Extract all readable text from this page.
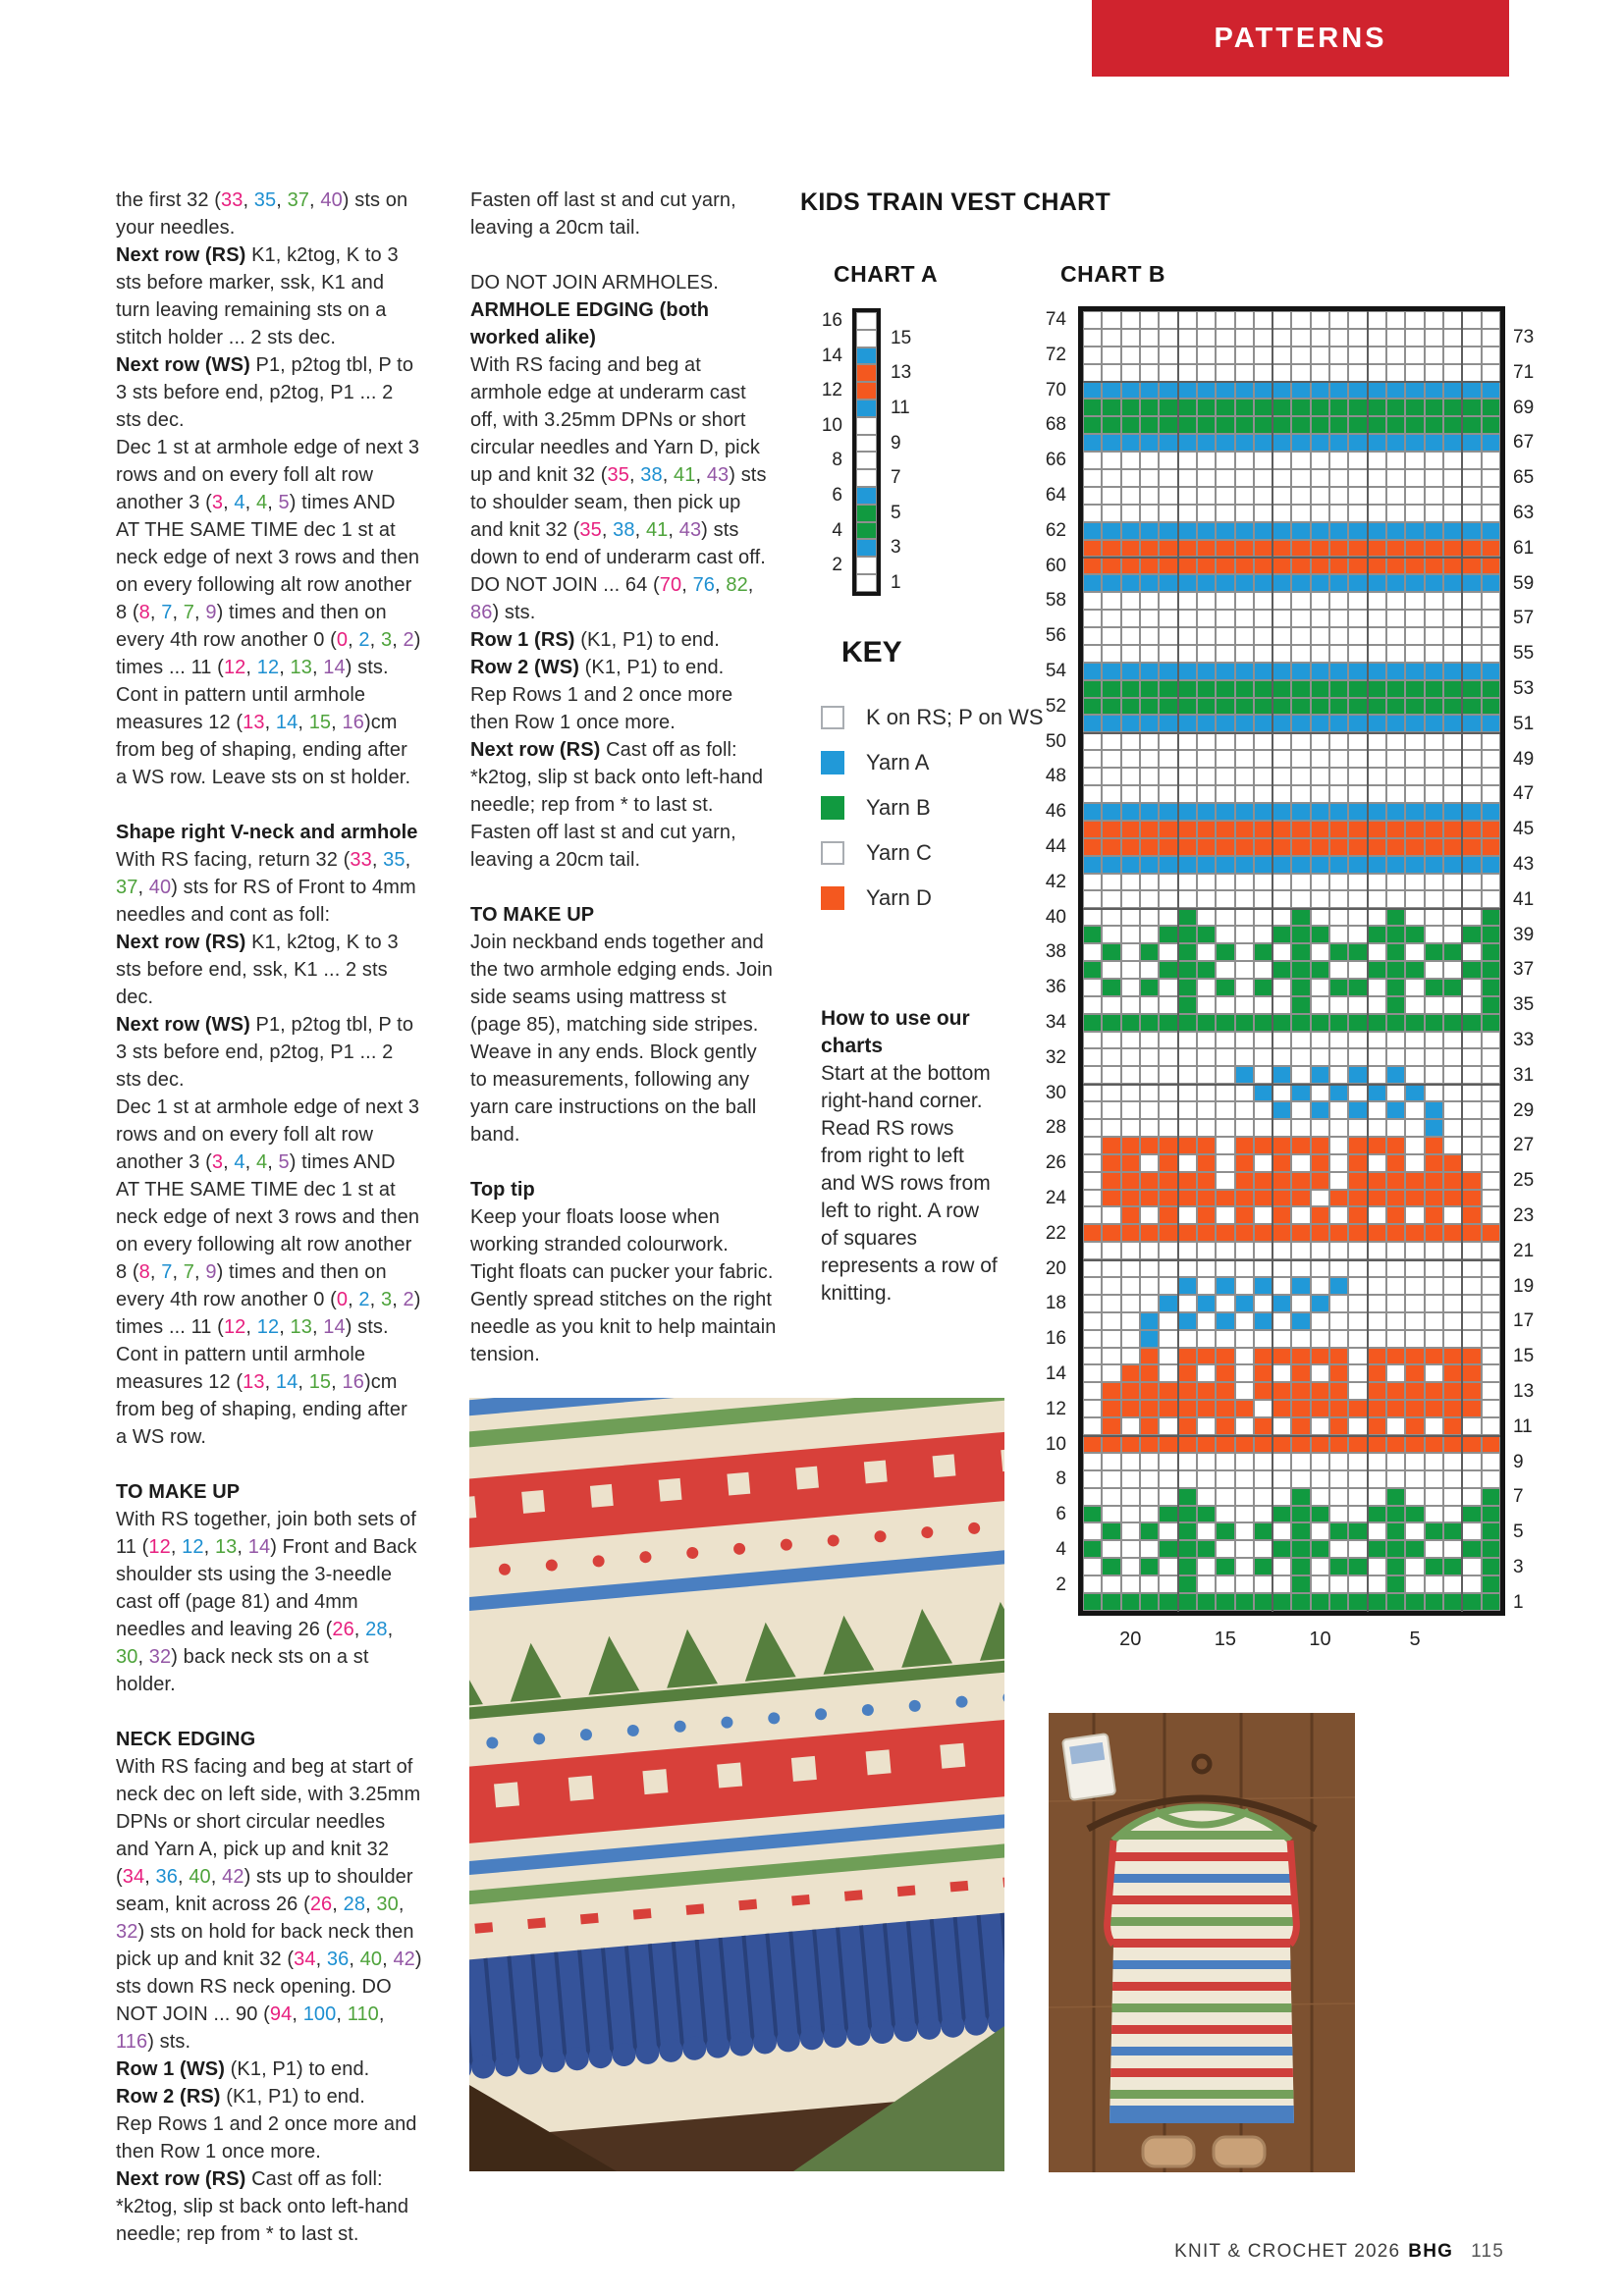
PATTERNS
the first 32 (33, 35, 37, 40) sts on your needles.
Next row (RS) K1, k2tog, K to 3 sts before marker, ssk, K1 and turn leaving remaining sts on a stitch holder ... 2 sts dec.
Next row (WS) P1, p2tog tbl, P to 3 sts before end, p2tog, P1 ... 2 sts dec.
Dec 1 st at armhole edge of next 3 rows and on every foll alt row another 3 (3, 4, 4, 5) times AND AT THE SAME TIME dec 1 st at neck edge of next 3 rows and then on every following alt row another 8 (8, 7, 7, 9) times and then on every 4th row another 0 (0, 2, 3, 2) times ... 11 (12, 12, 13, 14) sts.
Cont in pattern until armhole measures 12 (13, 14, 15, 16)cm from beg of shaping, ending after a WS row. Leave sts on st holder.
Shape right V-neck and armhole
With RS facing, return 32 (33, 35, 37, 40) sts for RS of Front to 4mm needles and cont as foll:
Next row (RS) K1, k2tog, K to 3 sts before end, ssk, K1 ... 2 sts dec.
Next row (WS) P1, p2tog tbl, P to 3 sts before end, p2tog, P1 ... 2 sts dec.
Dec 1 st at armhole edge of next 3 rows and on every foll alt row another 3 (3, 4, 4, 5) times AND AT THE SAME TIME dec 1 st at neck edge of next 3 rows and then on every following alt row another 8 (8, 7, 7, 9) times and then on every 4th row another 0 (0, 2, 3, 2) times ... 11 (12, 12, 13, 14) sts.
Cont in pattern until armhole measures 12 (13, 14, 15, 16)cm from beg of shaping, ending after a WS row.
TO MAKE UP
With RS together, join both sets of 11 (12, 12, 13, 14) Front and Back shoulder sts using the 3-needle cast off (page 81) and 4mm needles and leaving 26 (26, 28, 30, 32) back neck sts on a st holder.
NECK EDGING
With RS facing and beg at start of neck dec on left side, with 3.25mm DPNs or short circular needles and Yarn A, pick up and knit 32 (34, 36, 40, 42) sts up to shoulder seam, knit across 26 (26, 28, 30, 32) sts on hold for back neck then pick up and knit 32 (34, 36, 40, 42) sts down RS neck opening. DO NOT JOIN ... 90 (94, 100, 110, 116) sts.
Row 1 (WS) (K1, P1) to end.
Row 2 (RS) (K1, P1) to end.
Rep Rows 1 and 2 once more and then Row 1 once more.
Next row (RS) Cast off as foll: *k2tog, slip st back onto left-hand needle; rep from * to last st.
Fasten off last st and cut yarn, leaving a 20cm tail.
DO NOT JOIN ARMHOLES.
ARMHOLE EDGING (both worked alike)
With RS facing and beg at armhole edge at underarm cast off, with 3.25mm DPNs or short circular needles and Yarn D, pick up and knit 32 (35, 38, 41, 43) sts to shoulder seam, then pick up and knit 32 (35, 38, 41, 43) sts down to end of underarm cast off. DO NOT JOIN ... 64 (70, 76, 82, 86) sts.
Row 1 (RS) (K1, P1) to end.
Row 2 (WS) (K1, P1) to end.
Rep Rows 1 and 2 once more then Row 1 once more.
Next row (RS) Cast off as foll: *k2tog, slip st back onto left-hand needle; rep from * to last st. Fasten off last st and cut yarn, leaving a 20cm tail.
TO MAKE UP
Join neckband ends together and the two armhole edging ends. Join side seams using mattress st (page 85), matching side stripes. Weave in any ends. Block gently to measurements, following any yarn care instructions on the ball band.
Top tip
Keep your floats loose when working stranded colourwork. Tight floats can pucker your fabric. Gently spread stitches on the right needle as you knit to help maintain tension.
KIDS TRAIN VEST CHART
CHART A	CHART B
16
14
12
10
8
6
4
2
15
13
11
9
7
5
3
1
74
72
70
68
66
64
62
60
58
56
54
52
50
48
46
44
42
40
38
36
34
32
30
28
26
24
22
20
18
16
14
12
10
8
6
4
2
73
71
69
67
65
63
61
59
57
55
53
51
49
47
45
43
41
39
37
35
33
31
29
27
25
23
21
19
17
15
13
11
9
7
5
3
1
20	15	10	5
KEY
K on RS; P on WS
Yarn A
Yarn B
Yarn C
Yarn D
How to use our charts
Start at the bottom right-hand corner. Read RS rows from right to left and WS rows from left to right. A row of squares represents a row of knitting.
KNIT & CROCHET 2026 BHG 115
